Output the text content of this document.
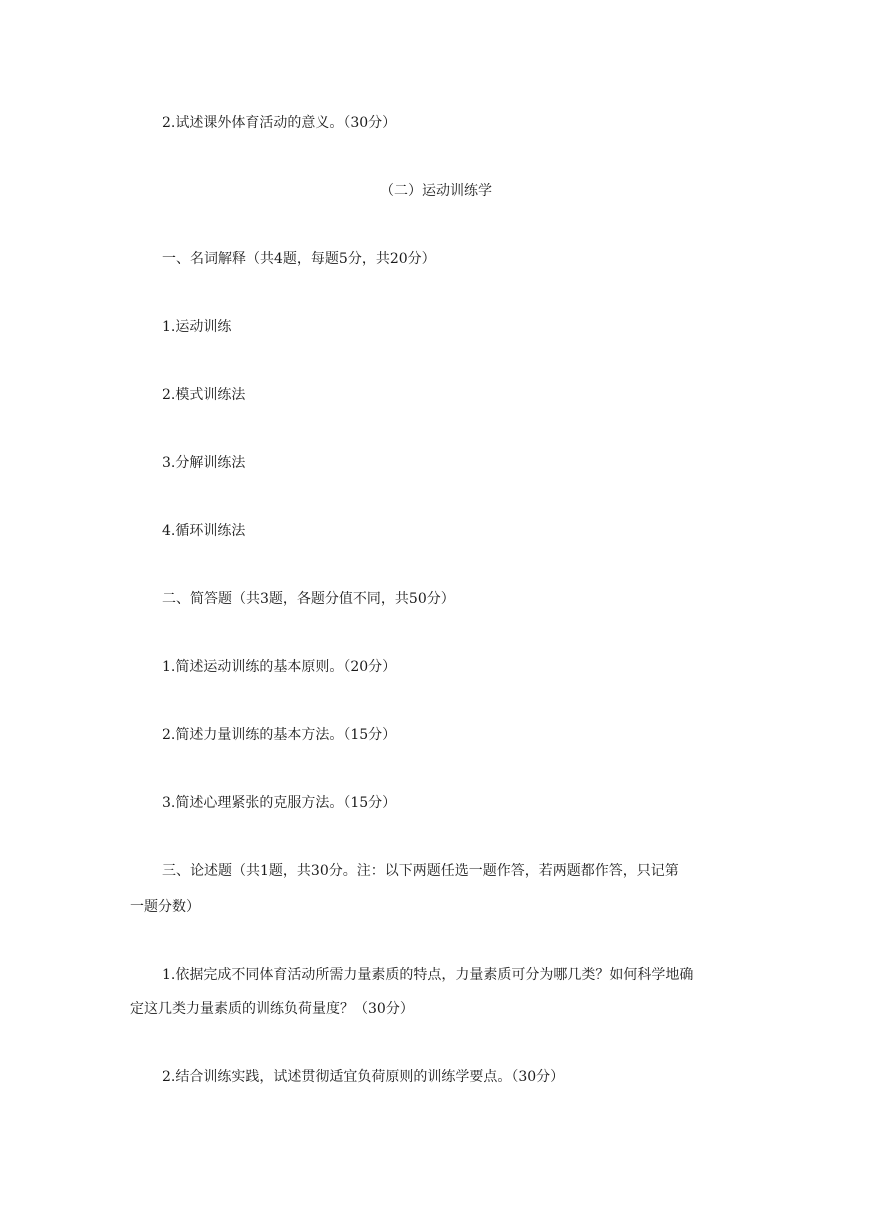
2.试述课外体育活动的意义。（30分）
（二）运动训练学
一、名词解释（共4题，每题5分，共20分）
1.运动训练
2.模式训练法
3.分解训练法
4.循环训练法
二、简答题（共3题，各题分值不同，共50分）
1.简述运动训练的基本原则。（20分）
2.简述力量训练的基本方法。（15分）
3.简述心理紧张的克服方法。（15分）
三、论述题（共1题，共30分。注：以下两题任选一题作答，若两题都作答，只记第
一题分数）
1.依据完成不同体育活动所需力量素质的特点，力量素质可分为哪几类？如何科学地确
定这几类力量素质的训练负荷量度？（30分）
2.结合训练实践，试述贯彻适宜负荷原则的训练学要点。（30分）
